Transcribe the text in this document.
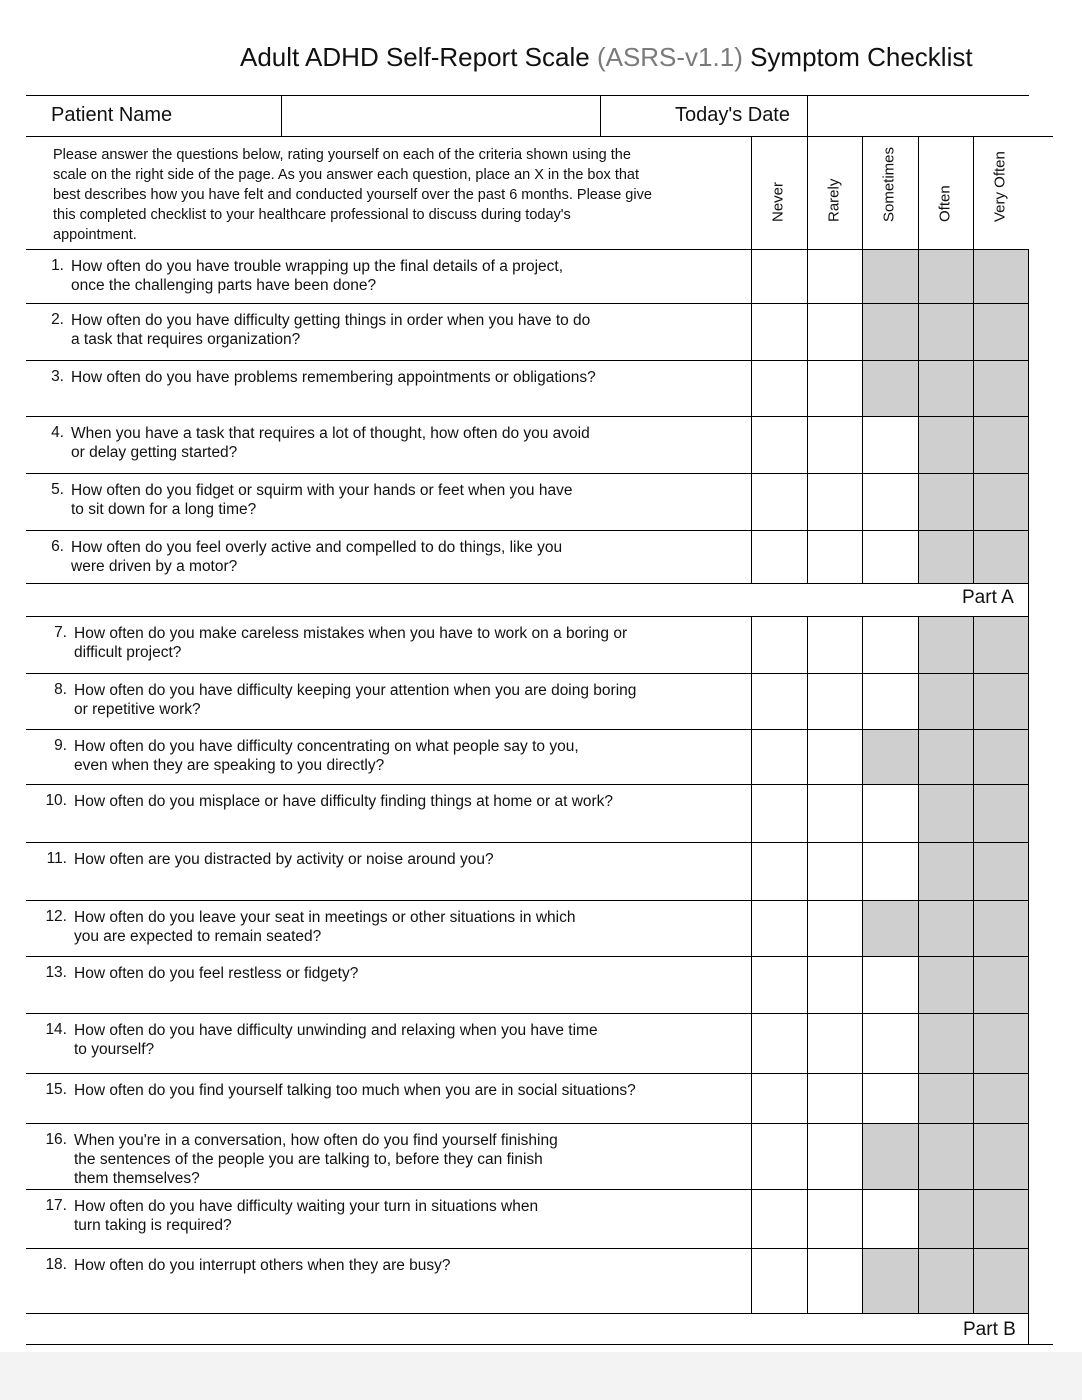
Adult ADHD Self-Report Scale (ASRS-v1.1) Symptom Checklist
Patient Name	Today's Date
Please answer the questions below, rating yourself on each of the criteria shown using the
scale on the right side of the page. As you answer each question, place an X in the box that
best describes how you have felt and conducted yourself over the past 6 months. Please give
this completed checklist to your healthcare professional to discuss during today's
appointment.
Never	Rarely	Sometimes	Often	Very Often
1. How often do you have trouble wrapping up the final details of a project,
once the challenging parts have been done?
2. How often do you have difficulty getting things in order when you have to do
a task that requires organization?
3. How often do you have problems remembering appointments or obligations?
4. When you have a task that requires a lot of thought, how often do you avoid
or delay getting started?
5. How often do you fidget or squirm with your hands or feet when you have
to sit down for a long time?
6. How often do you feel overly active and compelled to do things, like you
were driven by a motor?
7. How often do you make careless mistakes when you have to work on a boring or
difficult project?
8. How often do you have difficulty keeping your attention when you are doing boring
or repetitive work?
9. How often do you have difficulty concentrating on what people say to you,
even when they are speaking to you directly?
10. How often do you misplace or have difficulty finding things at home or at work?
11. How often are you distracted by activity or noise around you?
12. How often do you leave your seat in meetings or other situations in which
you are expected to remain seated?
13. How often do you feel restless or fidgety?
14. How often do you have difficulty unwinding and relaxing when you have time
to yourself?
15. How often do you find yourself talking too much when you are in social situations?
16. When you're in a conversation, how often do you find yourself finishing
the sentences of the people you are talking to, before they can finish
them themselves?
17. How often do you have difficulty waiting your turn in situations when
turn taking is required?
18. How often do you interrupt others when they are busy?
Part A
Part B
